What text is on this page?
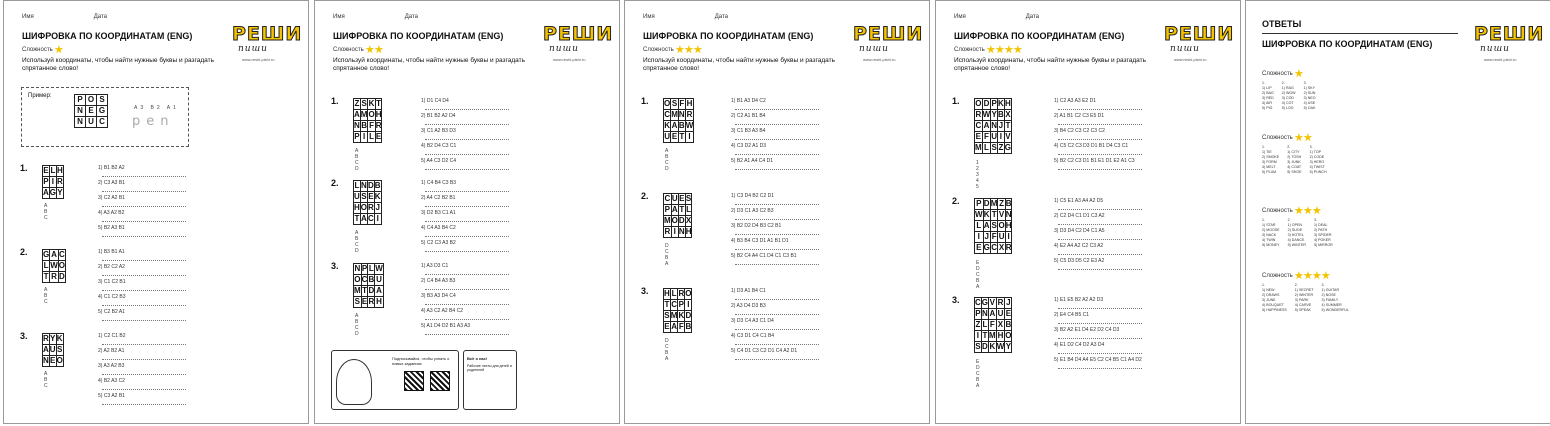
Имя	Дата
РЕШИ
пиши
www.reshi-pishi.ru
ШИФРОВКА ПО КООРДИНАТАМ (ENG)
Сложность
Используй координаты, чтобы найти нужные буквы и разгадать спрятанное слово!
Пример:	P	O	S
N	E	G
N	U	C
A3 B2 A1
pen
1. E	L	H
P	I	R
A	G	Y
A B C
1) B1 B2 A2
2) C3 A3 B1
3) C2 A2 B1
4) A3 A2 B2
5) B2 A3 B1
2. G	A	C
L	W	O
T	R	D
A B C
1) B3 B1 A1
2) B2 C2 A2
3) C1 C2 B1
4) C1 C2 B3
5) C2 B2 A1
3. R	Y	K
A	U	S
N	E	O
A B C
1) C2 C1 B2
2) A2 B2 A1
3) A3 A2 B3
4) B2 A3 C2
5) C3 A2 B1
Имя	Дата
РЕШИ
пиши
www.reshi-pishi.ru
ШИФРОВКА ПО КООРДИНАТАМ (ENG)
Сложность
Используй координаты, чтобы найти нужные буквы и разгадать спрятанное слово!
1. Z	S	K	T
A	M	O	H
N	B	F	R
P	I	L	E
A B C D
1) D1 C4 D4
2) B1 B2 A2 D4
3) C1 A2 B3 D3
4) B2 D4 C3 C1
5) A4 C3 D2 C4
2. L	N	D	B
U	S	E	K
H	O	R	J
T	A	C	I
A B C D
1) C4 B4 C3 B3
2) A4 C2 B2 B1
3) D2 B3 C1 A1
4) C4 A3 B4 C2
5) C2 C3 A3 B2
3. N	P	L	W
O	C	B	U
M	T	D	A
S	E	R	H
A B C D
1) A3 D3 C1
2) C4 B4 A3 B3
3) B3 A3 D4 C4
4) A3 C2 A2 B4 C2
5) A1 D4 D2 B1 A3 A3
Подписывайся, чтобы узнать о новых заданиях
Всё о нас!
Рабочие листы для детей и родителей
Имя	Дата
РЕШИ
пиши
www.reshi-pishi.ru
ШИФРОВКА ПО КООРДИНАТАМ (ENG)
Сложность
Используй координаты, чтобы найти нужные буквы и разгадать спрятанное слово!
1. O	S	F	H
C	M	N	R
K	A	B	W
U	E	T	I
A B C D
1) B1 A3 D4 C2
2) C2 A1 B1 B4
3) C1 B3 A3 B4
4) C3 D2 A1 D3
5) B2 A1 A4 C4 D1
2. C	U	E	S
P	A	T	L
M	O	D	X
R	I	N	H
D C B A
1) C3 D4 B2 C2 D1
2) D3 C1 A3 C2 B3
3) B2 D2 D4 B3 C2 B1
4) B3 B4 C3 D1 A1 B1 D1
5) B2 C4 A4 C1 D4 C1 C3 B1
3. H	L	R	O
T	C	P	I
S	M	K	D
E	A	F	B
D C B A
1) D3 A1 B4 C1
2) A3 D4 D3 B3
3) D3 C4 A3 C1 D4
4) C3 D1 C4 C1 B4
5) C4 D1 C3 C2 D1 C4 A2 D1
Имя	Дата
РЕШИ
пиши
www.reshi-pishi.ru
ШИФРОВКА ПО КООРДИНАТАМ (ENG)
Сложность
Используй координаты, чтобы найти нужные буквы и разгадать спрятанное слово!
1. O	D	P	K	H
R	W	Y	B	X
C	A	N	J	T
E	F	U	I	V
M	L	S	Z	G
1 2 3 4 5
1) C2 A3 A3 E2 D1
2) A1 B1 C2 C3 E5 D1
3) B4 C2 C3 C2 C3 C2
4) C5 C2 C3 D3 D1 B1 D4 C3 C1
5) B2 C2 C3 D1 B1 E1 D1 E2 A1 C3
2. P	D	M	Z	B
W	K	T	V	N
L	A	S	O	H
I	J	F	U	I
E	G	C	X	R
E D C B A
1) C5 E1 A3 A4 A2 D5
2) C2 D4 C1 D1 C3 A2
3) D3 D4 C2 D4 C1 A5
4) E2 A4 A2 C2 C3 A2
5) C5 D3 D5 C2 E3 A2
3. C	G	V	R	J
P	N	A	U	E
Z	L	F	X	B
I	T	M	H	O
S	D	K	W	Y
E D C B A
1) E1 E5 B2 A2 A2 D3
2) E4 C4 B5 C1
3) B2 A2 E1 D4 E2 D2 C4 D3
4) E1 D2 C4 D2 A3 D4
5) E1 B4 D4 A4 E5 C2 C4 B5 C1 A4 D2
РЕШИ
пиши
www.reshi-pishi.ru
ОТВЕТЫ
ШИФРОВКА ПО КООРДИНАТАМ (ENG)
Сложность
1.
1) LIP
2) BAG
3) RED
4) AIR
5) PIG
2.
1) RAG
2) WOW
3) COD
4) COT
5) LOG
3.
1) SKY
2) SUN
3) NEO
4) USE
5) OAK
Сложность
1.
1) TIE
2) SMOKE
3) FORM
4) MELT
5) PLUM
2.
1) CITY
2) TOSH
3) JUNK
4) COAT
5) SHOE
3.
1) TOP
2) CODE
3) HERO
4) TWIST
5) PUNCH
Сложность
1.
1) STAR
2) MOOSE
3) NACK
4) TWIN
5) MONEY
2.
1) OPEN
2) SLIDE
3) HOTEL
4) DANCE
5) WINTER
3.
1) DEAL
2) PATH
3) SPIDER
4) POKER
5) MIRROR
Сложность
1.
1) NEW
2) DRAWS
3) JUNE
4) BOUQUET
5) HAPPINESS
2.
1) SECRET
2) WINTER
3) PARK
4) CARVE
5) SPEAK
3.
1) GUITAR
2) NOSE
3) FAMILY
4) SUMMER
5) WONDERFUL
